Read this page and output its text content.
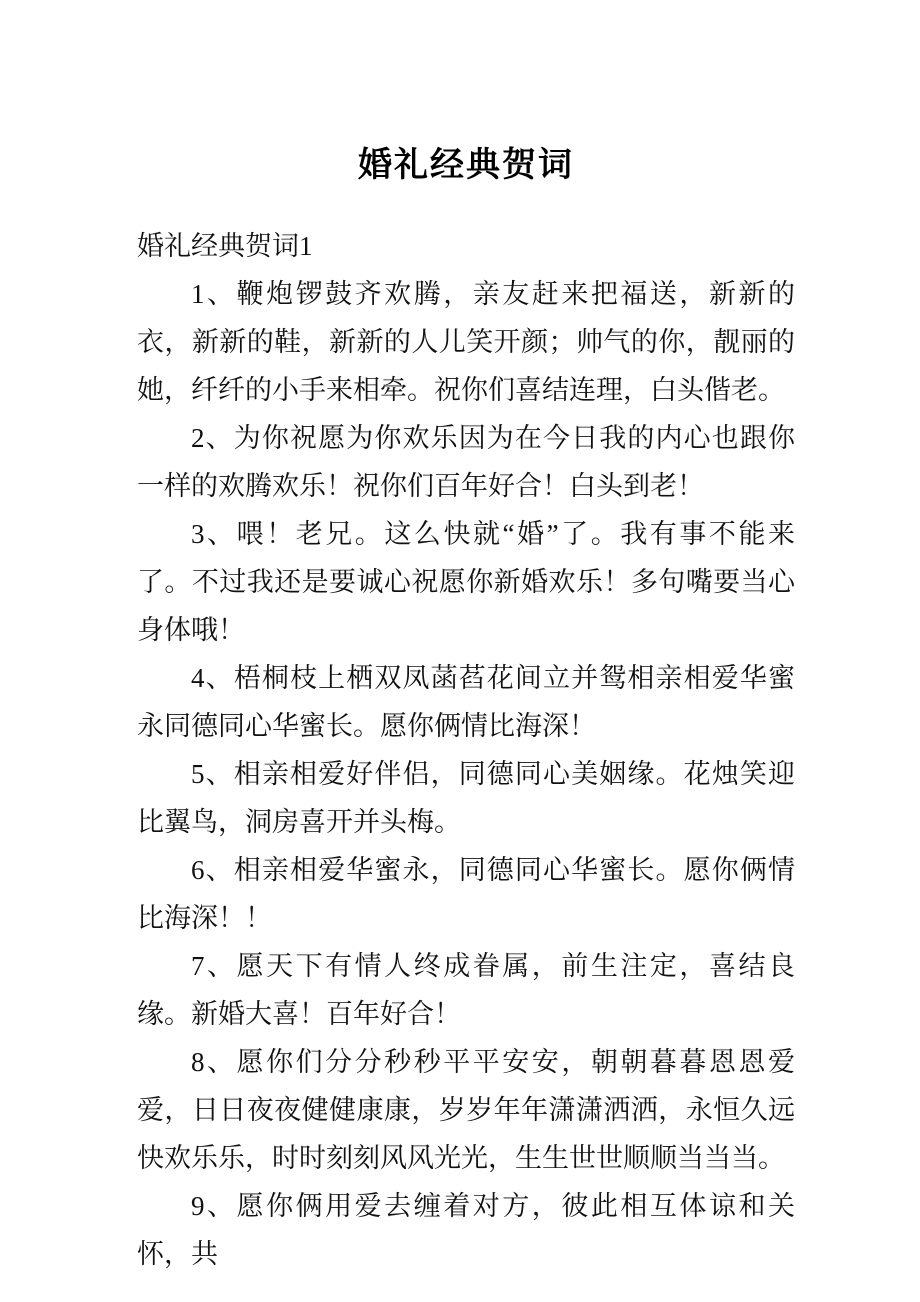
婚礼经典贺词
婚礼经典贺词1

1、鞭炮锣鼓齐欢腾，亲友赶来把福送，新新的衣，新新的鞋，新新的人儿笑开颜；帅气的你，靓丽的她，纤纤的小手来相牵。祝你们喜结连理，白头偕老。

2、为你祝愿为你欢乐因为在今日我的内心也跟你一样的欢腾欢乐！祝你们百年好合！白头到老！

3、喂！老兄。这么快就“婚”了。我有事不能来了。不过我还是要诚心祝愿你新婚欢乐！多句嘴要当心身体哦！

4、梧桐枝上栖双凤菡萏花间立并鸳相亲相爱华蜜永同德同心华蜜长。愿你俩情比海深！

5、相亲相爱好伴侣，同德同心美姻缘。花烛笑迎比翼鸟，洞房喜开并头梅。

6、相亲相爱华蜜永，同德同心华蜜长。愿你俩情比海深！！

7、愿天下有情人终成眷属，前生注定，喜结良缘。新婚大喜！百年好合！

8、愿你们分分秒秒平平安安，朝朝暮暮恩恩爱爱，日日夜夜健健康康，岁岁年年潇潇洒洒，永恒久远快欢乐乐，时时刻刻风风光光，生生世世顺顺当当当。

9、愿你俩用爱去缠着对方，彼此相互体谅和关怀，共
